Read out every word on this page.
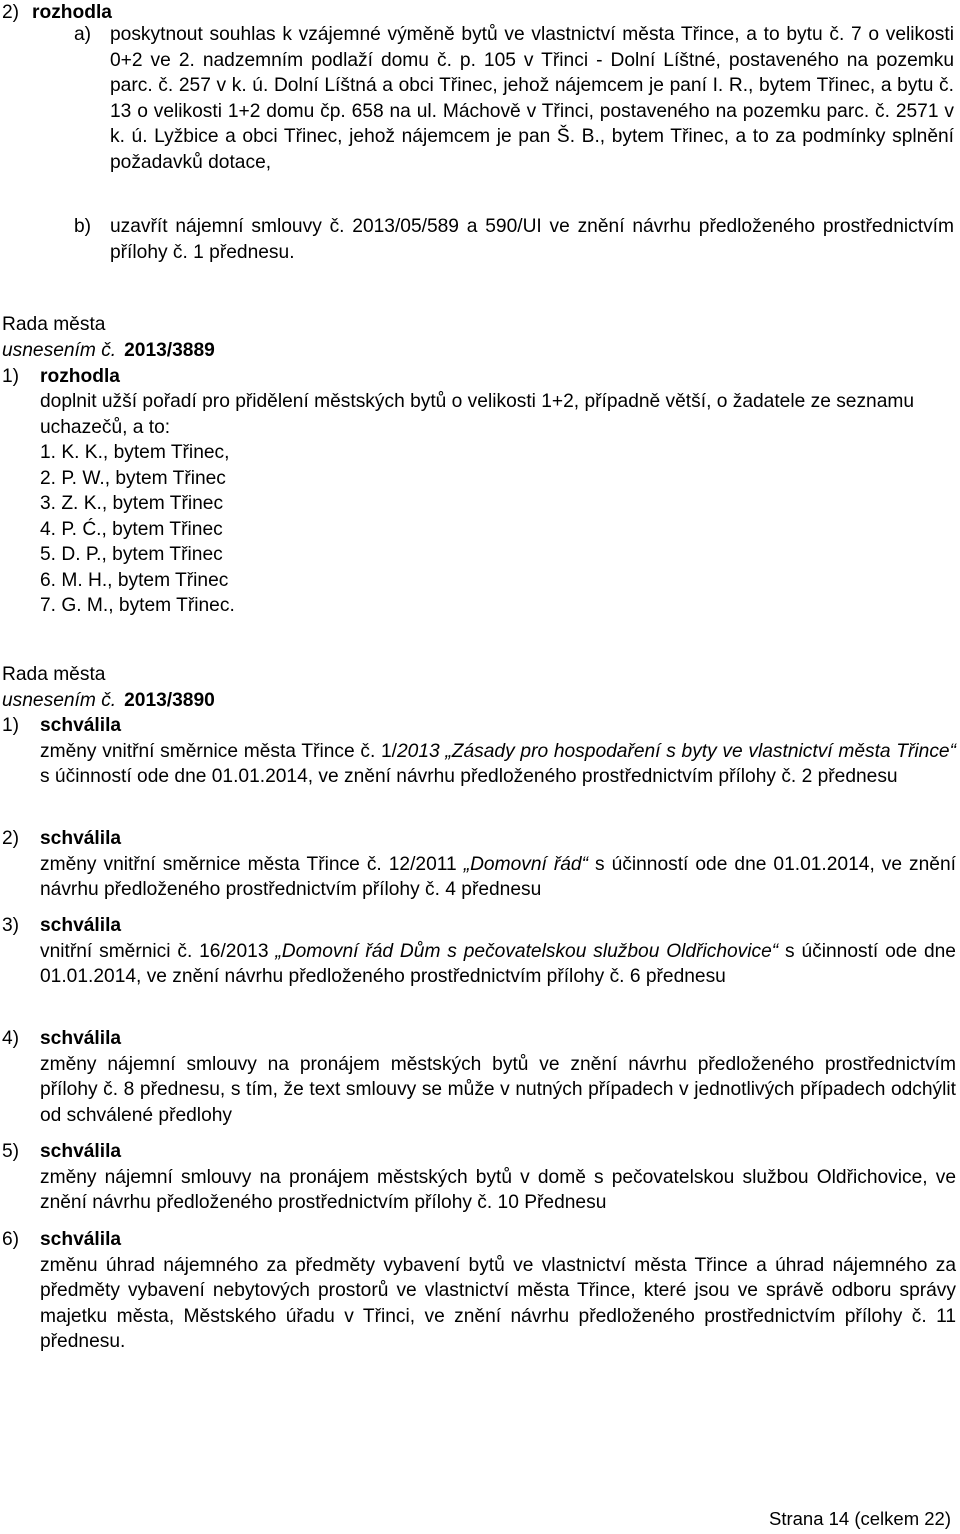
2) rozhodla
a) poskytnout souhlas k vzájemné výměně bytů ve vlastnictví města Třince, a to bytu č. 7 o velikosti 0+2 ve 2. nadzemním podlaží domu č. p. 105 v Třinci - Dolní Líštné, postaveného na pozemku parc. č. 257 v k. ú. Dolní Líštná a obci Třinec, jehož nájemcem je paní I. R., bytem Třinec, a bytu č. 13 o velikosti 1+2 domu čp. 658 na ul. Máchově v Třinci, postaveného na pozemku parc. č. 2571 v k. ú. Lyžbice a obci Třinec, jehož nájemcem je pan Š. B., bytem Třinec, a to za podmínky splnění požadavků dotace,
b) uzavřít nájemní smlouvy č. 2013/05/589 a 590/UI ve znění návrhu předloženého prostřednictvím přílohy č. 1 přednesu.
Rada města
usnesením č. 2013/3889
1) rozhodla
doplnit užší pořadí pro přidělení městských bytů o velikosti 1+2, případně větší, o žadatele ze seznamu uchazečů, a to:
1. K. K., bytem Třinec,
2. P. W., bytem Třinec
3. Z. K., bytem Třinec
4. P. Ć., bytem Třinec
5. D. P., bytem Třinec
6. M. H., bytem Třinec
7. G. M., bytem Třinec.
Rada města
usnesením č. 2013/3890
1) schválila
změny vnitřní směrnice města Třince č. 1/2013 „Zásady pro hospodaření s byty ve vlastnictví města Třince“ s účinností ode dne 01.01.2014, ve znění návrhu předloženého prostřednictvím přílohy č. 2 přednesu
2) schválila
změny vnitřní směrnice města Třince č. 12/2011 „Domovní řád“ s účinností ode dne 01.01.2014, ve znění návrhu předloženého prostřednictvím přílohy č. 4 přednesu
3) schválila
vnitřní směrnici č. 16/2013 „Domovní řád Dům s pečovatelskou službou Oldřichovice“ s účinností ode dne 01.01.2014, ve znění návrhu předloženého prostřednictvím přílohy č. 6 přednesu
4) schválila
změny nájemní smlouvy na pronájem městských bytů ve znění návrhu předloženého prostřednictvím přílohy č. 8 přednesu, s tím, že text smlouvy se může v nutných případech v jednotlivých případech odchýlit od schválené předlohy
5) schválila
změny nájemní smlouvy na pronájem městských bytů v domě s pečovatelskou službou Oldřichovice, ve znění návrhu předloženého prostřednictvím přílohy č. 10 Přednesu
6) schválila
změnu úhrad nájemného za předměty vybavení bytů ve vlastnictví města Třince a úhrad nájemného za předměty vybavení nebytových prostorů ve vlastnictví města Třince, které jsou ve správě odboru správy majetku města, Městského úřadu v Třinci, ve znění návrhu předloženého prostřednictvím přílohy č. 11 přednesu.
Strana 14 (celkem 22)
